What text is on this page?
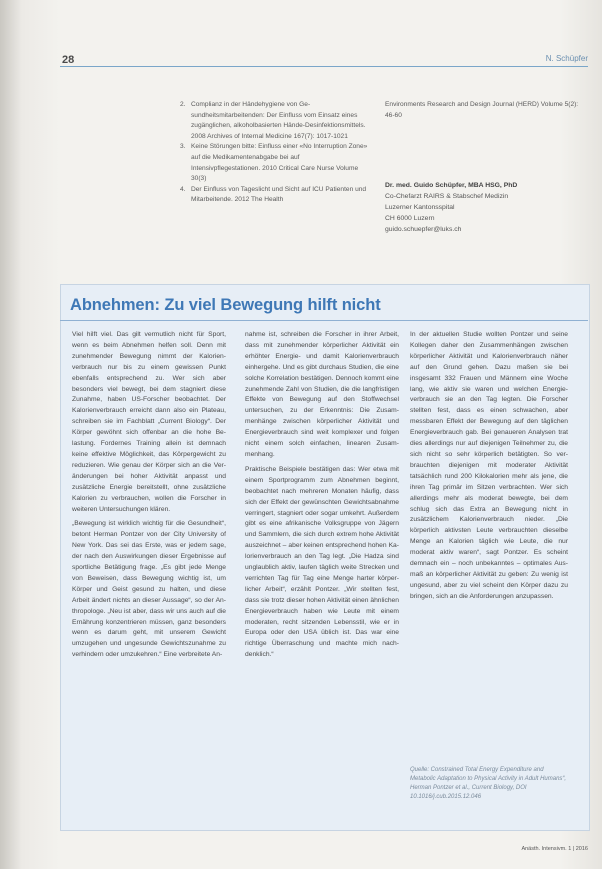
28	N. Schüpfer
2. Complianz in der Händehygiene von Gesundheitsmitarbeitenden: Der Einfluss vom Einsatz eines zugänglichen, alkoholbasierten Hände-Desinfektionsmittels. 2008 Archives of Internal Medicine 167(7): 1017-1021
3. Keine Störungen bitte: Einfluss einer «No Interruption Zone» auf die Medikamentenabgabe bei auf Intensivpflegestationen. 2010 Critical Care Nurse Volume 30(3)
4. Der Einfluss von Tageslicht und Sicht auf ICU Patienten und Mitarbeitende. 2012 The Health
Environments Research and Design Journal (HERD) Volume 5(2): 46-60
Dr. med. Guido Schüpfer, MBA HSG, PhD
Co-Chefarzt RAIRS & Stabschef Medizin
Luzerner Kantonsspital
CH 6000 Luzern
guido.schuepfer@luks.ch
Abnehmen: Zu viel Bewegung hilft nicht

Viel hilft viel. Das gilt vermutlich nicht für Sport, wenn es beim Abnehmen helfen soll. Denn mit zunehmender Bewegung nimmt der Kalorienverbrauch nur bis zu einem gewissen Punkt ebenfalls entsprechend zu. Wer sich aber besonders viel bewegt, bei dem stagniert diese Zunahme, haben US-Forscher beobachtet. Der Kalorienverbrauch erreicht dann also ein Plateau, schreiben sie im Fachblatt „Current Biology“. Der Körper gewöhnt sich offenbar an die hohe Belastung. Fordernes Training allein ist demnach keine effektive Möglichkeit, das Körpergewicht zu reduzieren. Wie genau der Körper sich an die Veränderungen bei hoher Aktivität anpasst und zusätzliche Energie bereitstellt, ohne zusätzliche Kalorien zu verbrauchen, wollen die Forscher in weiteren Untersuchungen klären.

„Bewegung ist wirklich wichtig für die Gesundheit“, betont Herman Pontzer von der City University of New York. Das sei das Erste, was er jedem sage, der nach den Auswirkungen dieser Ergebnisse auf sportliche Betätigung frage. „Es gibt jede Menge von Beweisen, dass Bewegung wichtig ist, um Körper und Geist gesund zu halten, und diese Arbeit ändert nichts an dieser Aussage“, so der Anthropologe. „Neu ist aber, dass wir uns auch auf die Ernährung konzentrieren müssen, ganz besonders wenn es darum geht, mit unserem Gewicht umzugehen und ungesunde Gewichtszunahme zu verhindern oder umzukehren.“ Eine verbreitete An-

nahme ist, schreiben die Forscher in ihrer Arbeit, dass mit zunehmender körperlicher Aktivität ein erhöhter Energie- und damit Kalorienverbrauch einhergehe. Und es gibt durchaus Studien, die eine solche Korrelation bestätigen. Dennoch kommt eine zunehmende Zahl von Studien, die die langfristigen Effekte von Bewegung auf den Stoffwechsel untersuchen, zu der Erkenntnis: Die Zusammenhänge zwischen körperlicher Aktivität und Energieverbrauch sind weit komplexer und folgen nicht einem solch einfachen, linearen Zusammenhang.

Praktische Beispiele bestätigen das: Wer etwa mit einem Sportprogramm zum Abnehmen beginnt, beobachtet nach mehreren Monaten häufig, dass sich der Effekt der gewünschten Gewichtsabnahme verringert, stagniert oder sogar umkehrt. Außerdem gibt es eine afrikanische Volksgruppe von Jägern und Sammlern, die sich durch extrem hohe Aktivität auszeichnet – aber keinen entsprechend hohen Kalorienverbrauch an den Tag legt. „Die Hadza sind unglaublich aktiv, laufen täglich weite Strecken und verrichten Tag für Tag eine Menge harter körperlicher Arbeit“, erzählt Pontzer. „Wir stellten fest, dass sie trotz dieser hohen Aktivität einen ähnlichen Energieverbrauch haben wie Leute mit einem moderaten, recht sitzenden Lebensstil, wie er in Europa oder den USA üblich ist. Das war eine richtige Überraschung und machte mich nachdenklich.“

In der aktuellen Studie wollten Pontzer und seine Kollegen daher den Zusammenhängen zwischen körperlicher Aktivität und Kalorienverbrauch näher auf den Grund gehen. Dazu maßen sie bei insgesamt 332 Frauen und Männern eine Woche lang, wie aktiv sie waren und welchen Energieverbrauch sie an den Tag legten. Die Forscher stellten fest, dass es einen schwachen, aber messbaren Effekt der Bewegung auf den täglichen Energieverbrauch gab. Bei genaueren Analysen trat dies allerdings nur auf diejenigen Teilnehmer zu, die sich nicht so sehr körperlich betätigten. So verbrauchten diejenigen mit moderater Aktivität tatsächlich rund 200 Kilokalorien mehr als jene, die ihren Tag primär im Sitzen verbrachten. Wer sich allerdings mehr als moderat bewegte, bei dem schlug sich das Extra an Bewegung nicht in zusätzlichem Kalorienverbrauch nieder. „Die körperlich aktivsten Leute verbrauchten dieselbe Menge an Kalorien täglich wie Leute, die nur moderat aktiv waren“, sagt Pontzer. Es scheint demnach ein – noch unbekanntes – optimales Ausmaß an körperlicher Aktivität zu geben: Zu wenig ist ungesund, aber zu viel scheint den Körper dazu zu bringen, sich an die Anforderungen anzupassen.

Quelle: Constrained Total Energy Expenditure and Metabolic Adaptation to Physical Activity in Adult Humans“, Herman Pontzer et al., Current Biology, DOI 10.1016/j.cub.2015.12.046
Anästh. Intensivm. 1 | 2016
